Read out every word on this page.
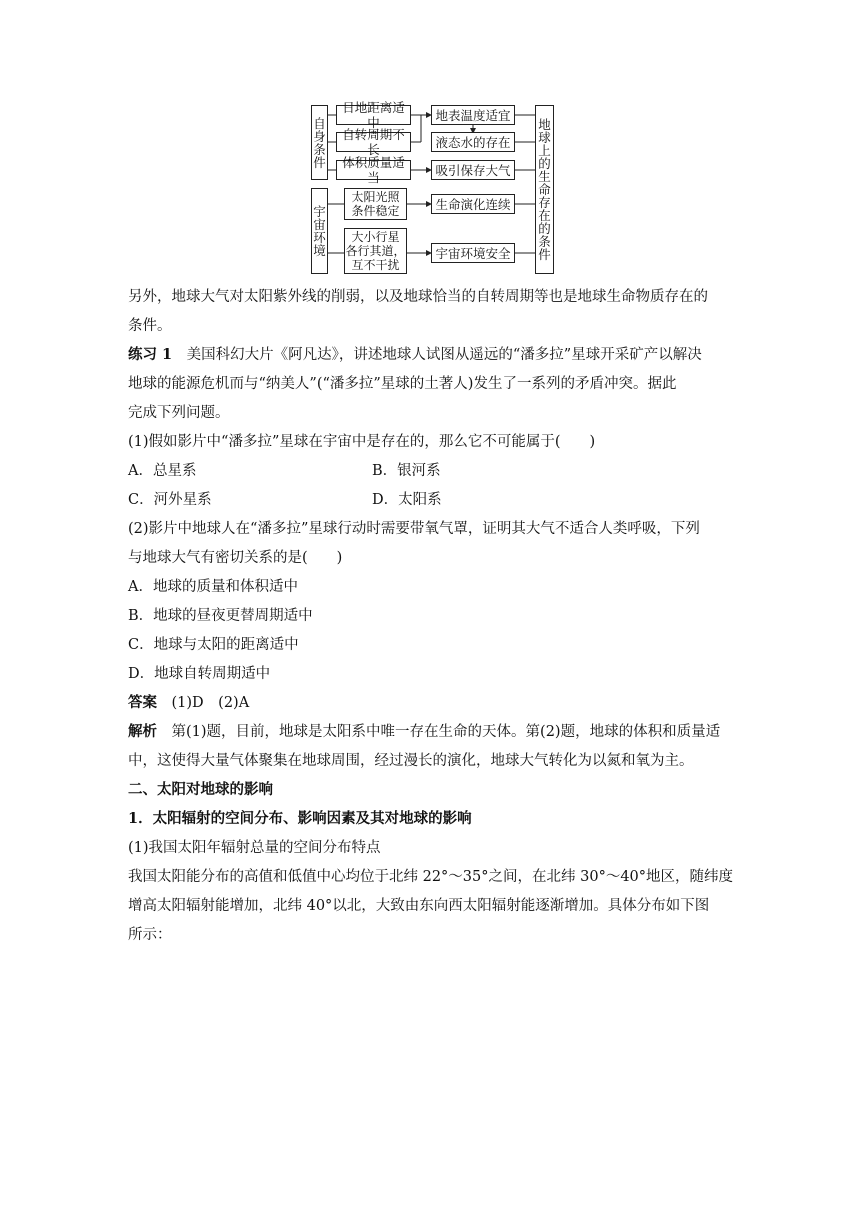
自身条件
宇宙环境
日地距离适中
自转周期不长
体积质量适当
太阳光照
条件稳定
大小行星
各行其道，
互不干扰
地表温度适宜
液态水的存在
吸引保存大气
生命演化连续
宇宙环境安全
地球上的生命存在的条件
另外，地球大气对太阳紫外线的削弱，以及地球恰当的自转周期等也是地球生命物质存在的
条件。
练习 1　美国科幻大片《阿凡达》，讲述地球人试图从遥远的“潘多拉”星球开采矿产以解决
地球的能源危机而与“纳美人”(“潘多拉”星球的土著人)发生了一系列的矛盾冲突。据此
完成下列问题。
(1)假如影片中“潘多拉”星球在宇宙中是存在的，那么它不可能属于(　　)
A．总星系	B．银河系
C．河外星系	D．太阳系
(2)影片中地球人在“潘多拉”星球行动时需要带氧气罩，证明其大气不适合人类呼吸，下列
与地球大气有密切关系的是(　　)
A．地球的质量和体积适中
B．地球的昼夜更替周期适中
C．地球与太阳的距离适中
D．地球自转周期适中
答案　(1)D　(2)A
解析　第(1)题，目前，地球是太阳系中唯一存在生命的天体。第(2)题，地球的体积和质量适
中，这使得大量气体聚集在地球周围，经过漫长的演化，地球大气转化为以氮和氧为主。
二、太阳对地球的影响
1．太阳辐射的空间分布、影响因素及其对地球的影响
(1)我国太阳年辐射总量的空间分布特点
我国太阳能分布的高值和低值中心均位于北纬 22°～35°之间，在北纬 30°～40°地区，随纬度
增高太阳辐射能增加，北纬 40°以北，大致由东向西太阳辐射能逐渐增加。具体分布如下图
所示：
